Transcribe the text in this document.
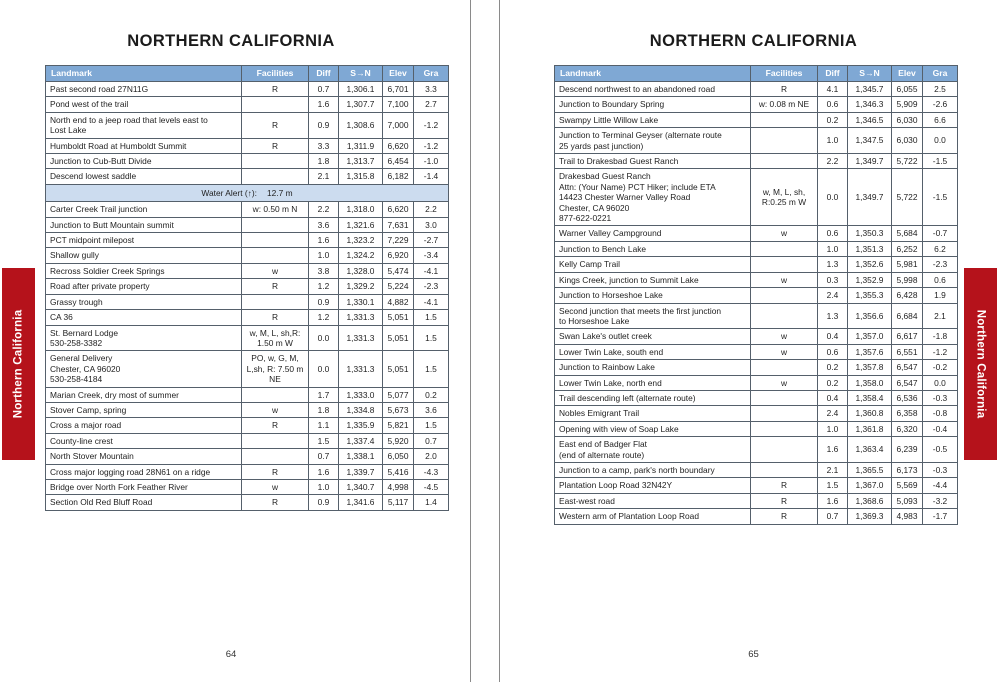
Northern California
NORTHERN CALIFORNIA
Landmark	Facilities	Diff	S→N	Elev	Gra

Past second road 27N11G	R	0.7	1,306.1	6,701	3.3

Pond west of the trail		1.6	1,307.7	7,100	2.7

North end to a jeep road that levels east to
Lost Lake	R	0.9	1,308.6	7,000	-1.2

Humboldt Road at Humboldt Summit	R	3.3	1,311.9	6,620	-1.2

Junction to Cub-Butt Divide		1.8	1,313.7	6,454	-1.0

Descend lowest saddle		2.1	1,315.8	6,182	-1.4
Water Alert (↑): 12.7 m					

Carter Creek Trail junction	w: 0.50 m N	2.2	1,318.0	6,620	2.2

Junction to Butt Mountain summit		3.6	1,321.6	7,631	3.0

PCT midpoint milepost		1.6	1,323.2	7,229	-2.7

Shallow gully		1.0	1,324.2	6,920	-3.4

Recross Soldier Creek Springs	w	3.8	1,328.0	5,474	-4.1

Road after private property	R	1.2	1,329.2	5,224	-2.3

Grassy trough		0.9	1,330.1	4,882	-4.1

CA 36	R	1.2	1,331.3	5,051	1.5

St. Bernard Lodge
530-258-3382	w, M, L, sh,R: 1.50 m W	0.0	1,331.3	5,051	1.5

General Delivery
Chester, CA 96020
530-258-4184	PO, w, G, M, L,sh, R: 7.50 m NE	0.0	1,331.3	5,051	1.5

Marian Creek, dry most of summer		1.7	1,333.0	5,077	0.2

Stover Camp, spring	w	1.8	1,334.8	5,673	3.6

Cross a major road	R	1.1	1,335.9	5,821	1.5

County-line crest		1.5	1,337.4	5,920	0.7

North Stover Mountain		0.7	1,338.1	6,050	2.0

Cross major logging road 28N61 on a ridge	R	1.6	1,339.7	5,416	-4.3

Bridge over North Fork Feather River	w	1.0	1,340.7	4,998	-4.5

Section Old Red Bluff Road	R	0.9	1,341.6	5,117	1.4
64
Northern California
NORTHERN CALIFORNIA
Landmark	Facilities	Diff	S→N	Elev	Gra

Descend northwest to an abandoned road	R	4.1	1,345.7	6,055	2.5

Junction to Boundary Spring	w: 0.08 m NE	0.6	1,346.3	5,909	-2.6

Swampy Little Willow Lake		0.2	1,346.5	6,030	6.6

Junction to Terminal Geyser (alternate route
25 yards past junction)		1.0	1,347.5	6,030	0.0

Trail to Drakesbad Guest Ranch		2.2	1,349.7	5,722	-1.5

Drakesbad Guest Ranch
Attn: (Your Name) PCT Hiker; include ETA
14423 Chester Warner Valley Road
Chester, CA 96020
877-622-0221	w, M, L, sh, R:0.25 m W	0.0	1,349.7	5,722	-1.5

Warner Valley Campground	w	0.6	1,350.3	5,684	-0.7

Junction to Bench Lake		1.0	1,351.3	6,252	6.2

Kelly Camp Trail		1.3	1,352.6	5,981	-2.3

Kings Creek, junction to Summit Lake	w	0.3	1,352.9	5,998	0.6

Junction to Horseshoe Lake		2.4	1,355.3	6,428	1.9

Second junction that meets the first junction
to Horseshoe Lake		1.3	1,356.6	6,684	2.1

Swan Lake's outlet creek	w	0.4	1,357.0	6,617	-1.8

Lower Twin Lake, south end	w	0.6	1,357.6	6,551	-1.2

Junction to Rainbow Lake		0.2	1,357.8	6,547	-0.2

Lower Twin Lake, north end	w	0.2	1,358.0	6,547	0.0

Trail descending left (alternate route)		0.4	1,358.4	6,536	-0.3

Nobles Emigrant Trail		2.4	1,360.8	6,358	-0.8

Opening with view of Soap Lake		1.0	1,361.8	6,320	-0.4

East end of Badger Flat
(end of alternate route)		1.6	1,363.4	6,239	-0.5

Junction to a camp, park's north boundary		2.1	1,365.5	6,173	-0.3

Plantation Loop Road 32N42Y	R	1.5	1,367.0	5,569	-4.4

East-west road	R	1.6	1,368.6	5,093	-3.2

Western arm of Plantation Loop Road	R	0.7	1,369.3	4,983	-1.7
65
